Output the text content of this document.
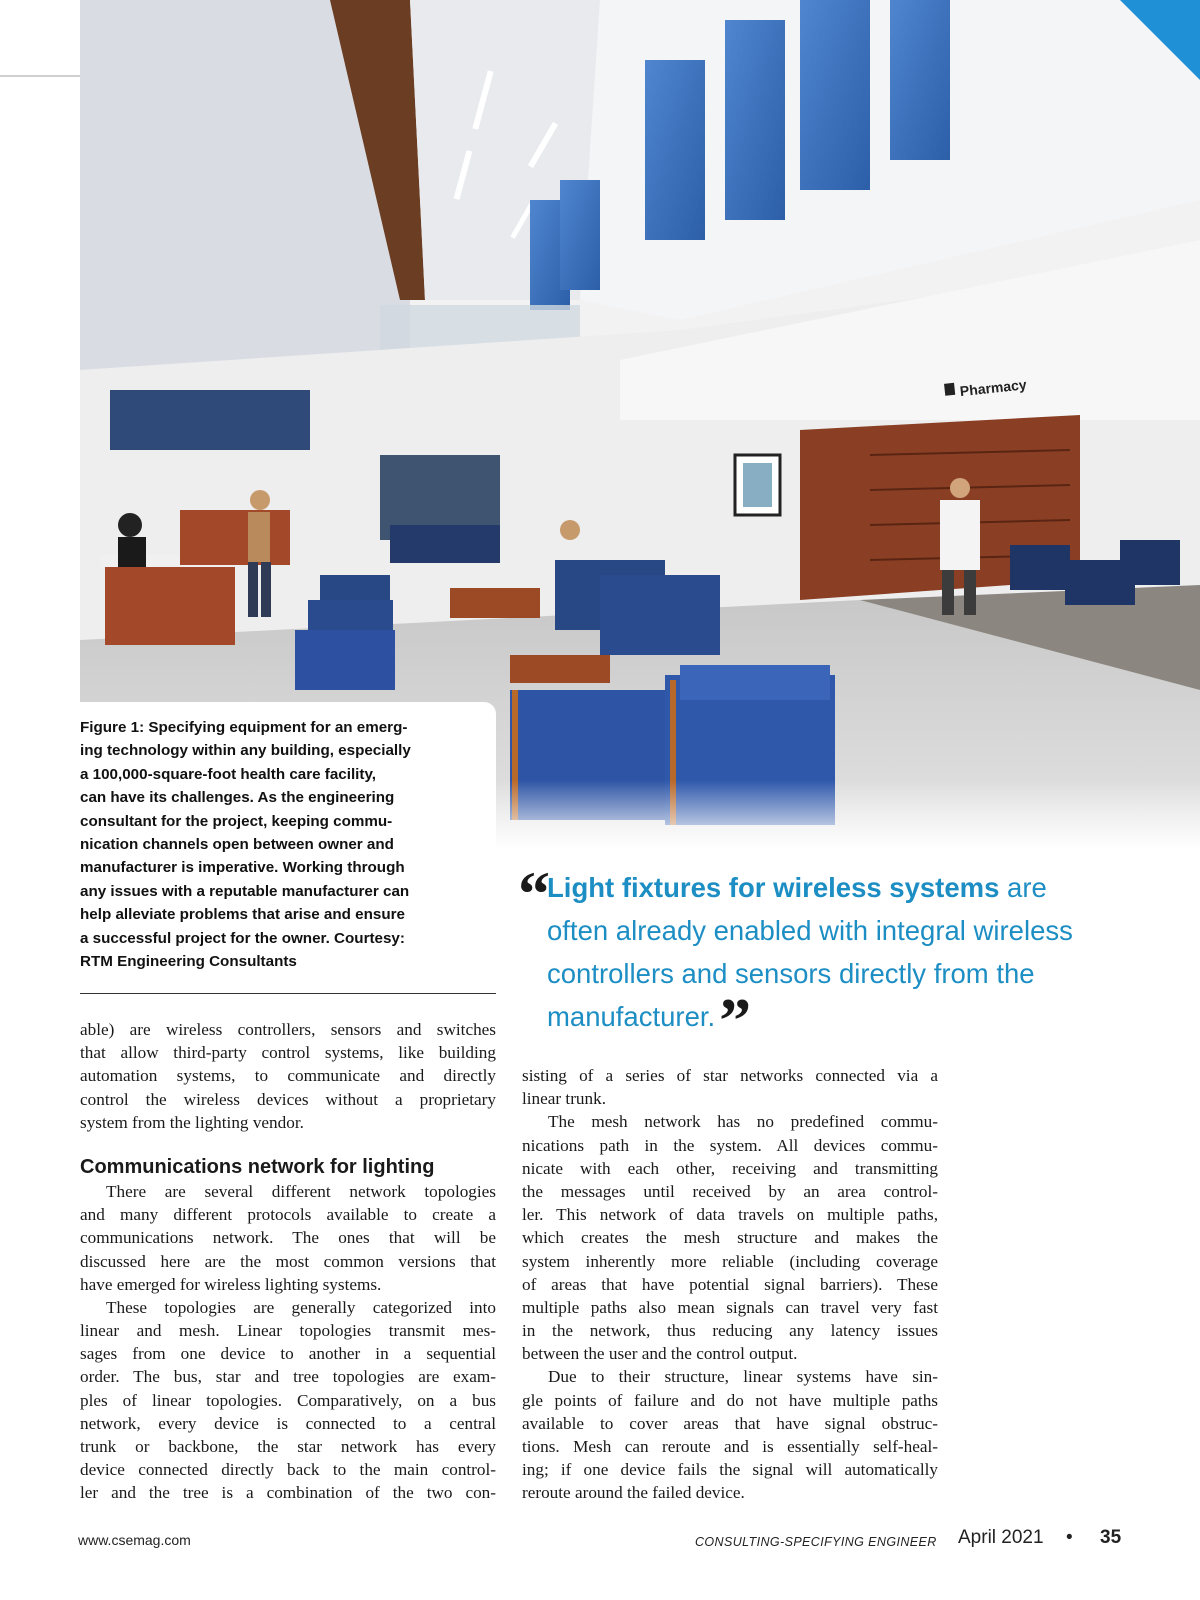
Pharmacy
Figure 1: Specifying equipment for an emerg-
ing technology within any building, especially
a 100,000-square-foot health care facility,
can have its challenges. As the engineering
consultant for the project, keeping commu-
nication channels open between owner and
manufacturer is imperative. Working through
any issues with a reputable manufacturer can
help alleviate problems that arise and ensure
a successful project for the owner. Courtesy:
RTM Engineering Consultants
“
Light fixtures for wireless systems are
often already enabled with integral wireless
controllers and sensors directly from the
manufacturer.”

able) are wireless controllers, sensors and switches
that allow third-party control systems, like building
automation systems, to communicate and directly
control the wireless devices without a proprietary
system from the lighting vendor.

Communications network for lighting

There are several different network topologies
and many different protocols available to create a
communications network. The ones that will be
discussed here are the most common versions that
have emerged for wireless lighting systems.

These topologies are generally categorized into
linear and mesh. Linear topologies transmit mes-
sages from one device to another in a sequential
order. The bus, star and tree topologies are exam-
ples of linear topologies. Comparatively, on a bus
network, every device is connected to a central
trunk or backbone, the star network has every
device connected directly back to the main control-
ler and the tree is a combination of the two con-

sisting of a series of star networks connected via a
linear trunk.

The mesh network has no predefined commu-
nications path in the system. All devices commu-
nicate with each other, receiving and transmitting
the messages until received by an area control-
ler. This network of data travels on multiple paths,
which creates the mesh structure and makes the
system inherently more reliable (including coverage
of areas that have potential signal barriers). These
multiple paths also mean signals can travel very fast
in the network, thus reducing any latency issues
between the user and the control output.

Due to their structure, linear systems have sin-
gle points of failure and do not have multiple paths
available to cover areas that have signal obstruc-
tions. Mesh can reroute and is essentially self-heal-
ing; if one device fails the signal will automatically
reroute around the failed device.

www.csemag.com	CONSULTING-SPECIFYING ENGINEER April 2021 • 35
